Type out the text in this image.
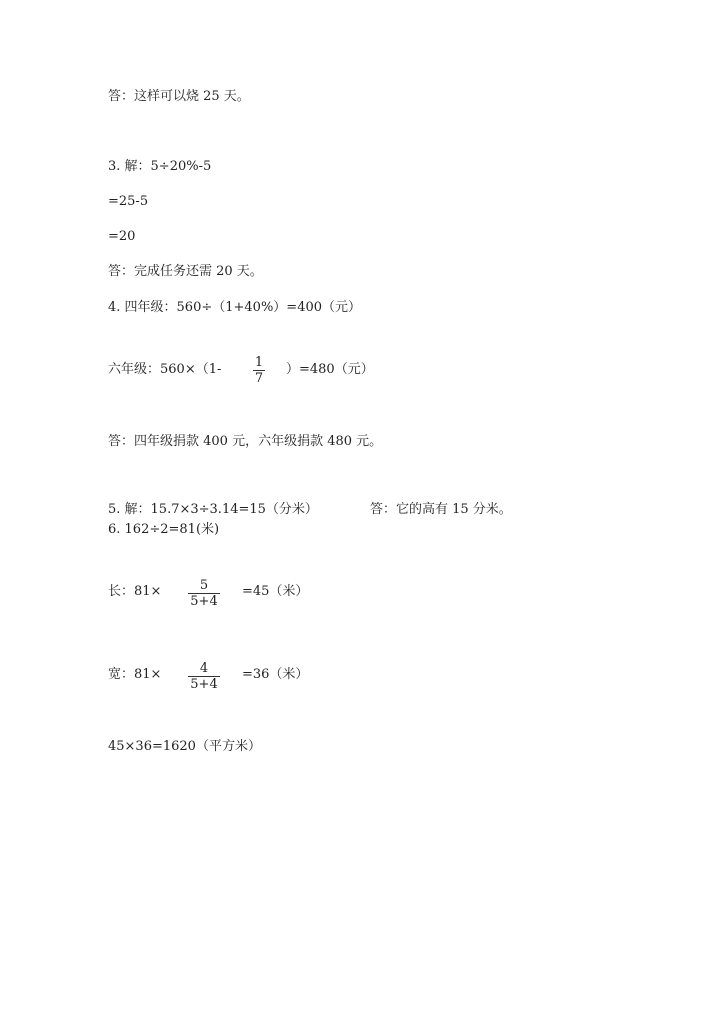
答：这样可以烧 25 天。
3. 解：5÷20%-5
=25-5
=20
答：完成任务还需 20 天。
4. 四年级：560÷（1+40%）=400（元）
六年级：560×（1-	1
7
）=480（元）
答：四年级捐款 400 元，六年级捐款 480 元。
5. 解：15.7×3÷3.14=15（分米）	答：它的高有 15 分米。
6. 162÷2=81(米)
长：81×	5
5+4
=45（米）
宽：81×	4
5+4
=36（米）
45×36=1620（平方米）
